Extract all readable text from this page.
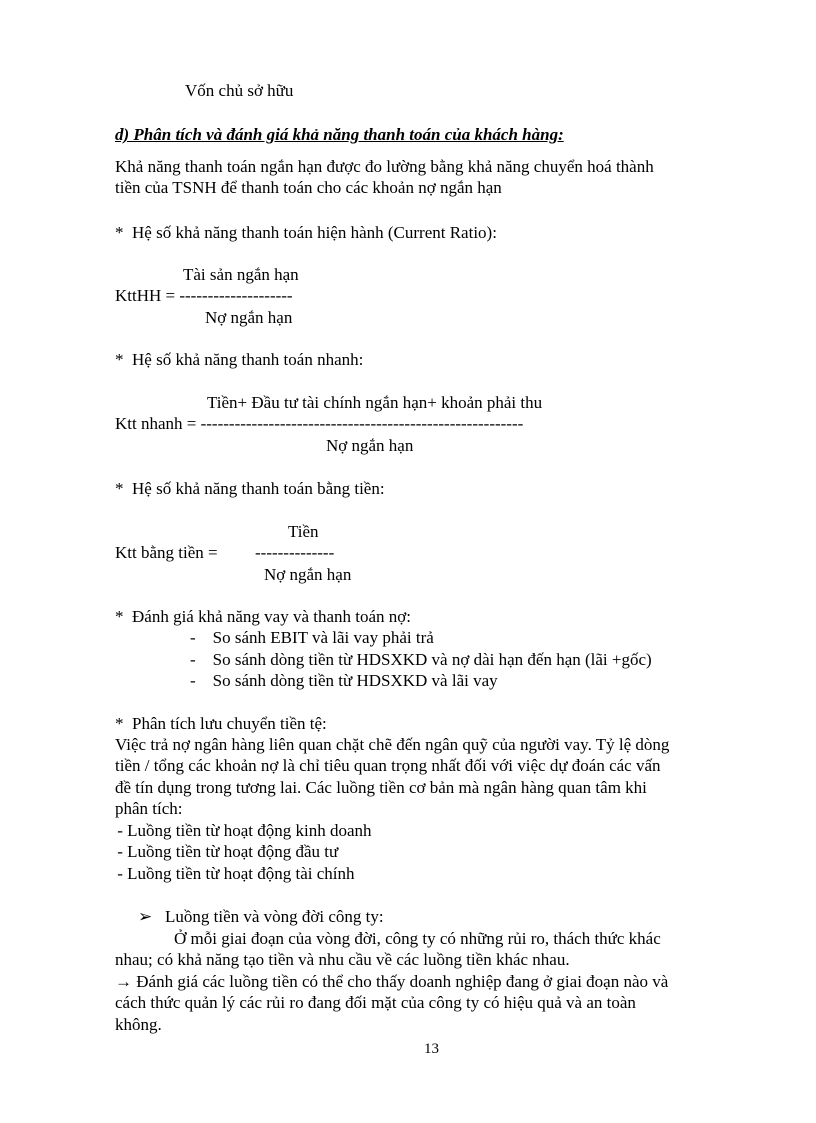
Vốn chủ sở hữu
d) Phân tích và đánh giá khả năng thanh toán của khách hàng:
Khả năng thanh toán ngắn hạn được đo lường bằng khả năng chuyển hoá thành
tiền của TSNH để thanh toán cho các khoản nợ ngắn hạn
*  Hệ số khả năng thanh toán hiện hành (Current Ratio):
Tài sản ngắn hạn
KttHH = --------------------
Nợ ngắn hạn
*  Hệ số khả năng thanh toán nhanh:
Tiền+ Đầu tư tài chính ngắn hạn+ khoản phải thu
Ktt nhanh = ---------------------------------------------------------
Nợ ngắn hạn
*  Hệ số khả năng thanh toán bằng tiền:
Tiền
Ktt bằng tiền = --------------
Nợ ngắn hạn
*  Đánh giá khả năng vay và thanh toán nợ:
-    So sánh EBIT và lãi vay phải trả
-    So sánh dòng tiền từ HDSXKD và nợ dài hạn đến hạn (lãi +gốc)
-    So sánh dòng tiền từ HDSXKD và lãi vay
*  Phân tích lưu chuyển tiền tệ:
Việc trả nợ ngân hàng liên quan chặt chẽ đến ngân quỹ của người vay. Tỷ lệ dòng
tiền / tổng các khoản nợ là chỉ tiêu quan trọng nhất đối với việc dự đoán các vấn
đề tín dụng trong tương lai. Các luồng tiền cơ bản mà ngân hàng quan tâm khi
phân tích:
- Luồng tiền từ hoạt động kinh doanh
- Luồng tiền từ hoạt động đầu tư
- Luồng tiền từ hoạt động tài chính
➢ Luồng tiền và vòng đời công ty:
Ở mỗi giai đoạn của vòng đời, công ty có những rủi ro, thách thức khác
nhau; có khả năng tạo tiền và nhu cầu về các luồng tiền khác nhau.
→ Đánh giá các luồng tiền có thể cho thấy doanh nghiệp đang ở giai đoạn nào và
cách thức quản lý các rủi ro đang đối mặt của công ty có hiệu quả và an toàn
không.
13
